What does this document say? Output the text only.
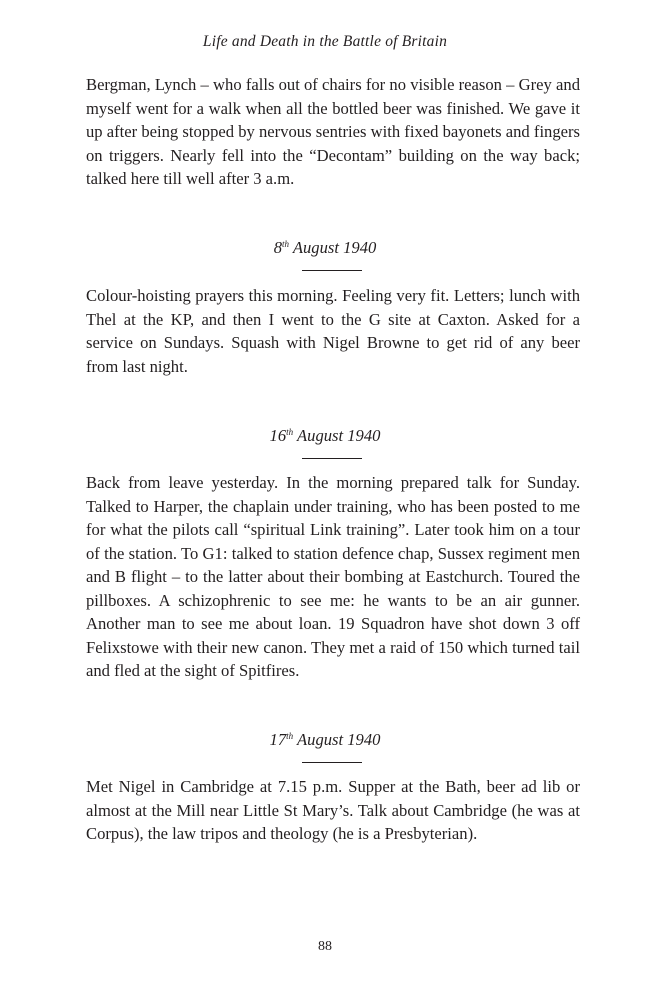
Life and Death in the Battle of Britain

Bergman, Lynch – who falls out of chairs for no visible reason – Grey and myself went for a walk when all the bottled beer was finished. We gave it up after being stopped by nervous sentries with fixed bayonets and fingers on triggers. Nearly fell into the “Decontam” building on the way back; talked here till well after 3 a.m.

8th August 1940

Colour-hoisting prayers this morning. Feeling very fit. Letters; lunch with Thel at the KP, and then I went to the G site at Caxton. Asked for a service on Sundays. Squash with Nigel Browne to get rid of any beer from last night.

16th August 1940

Back from leave yesterday. In the morning prepared talk for Sunday. Talked to Harper, the chaplain under training, who has been posted to me for what the pilots call “spiritual Link training”. Later took him on a tour of the station. To G1: talked to station defence chap, Sussex regiment men and B flight – to the latter about their bombing at Eastchurch. Toured the pillboxes. A schizophrenic to see me: he wants to be an air gunner. Another man to see me about loan. 19 Squadron have shot down 3 off Felixstowe with their new canon. They met a raid of 150 which turned tail and fled at the sight of Spitfires.

17th August 1940

Met Nigel in Cambridge at 7.15 p.m. Supper at the Bath, beer ad lib or almost at the Mill near Little St Mary’s. Talk about Cambridge (he was at Corpus), the law tripos and theology (he is a Presbyterian).

88
